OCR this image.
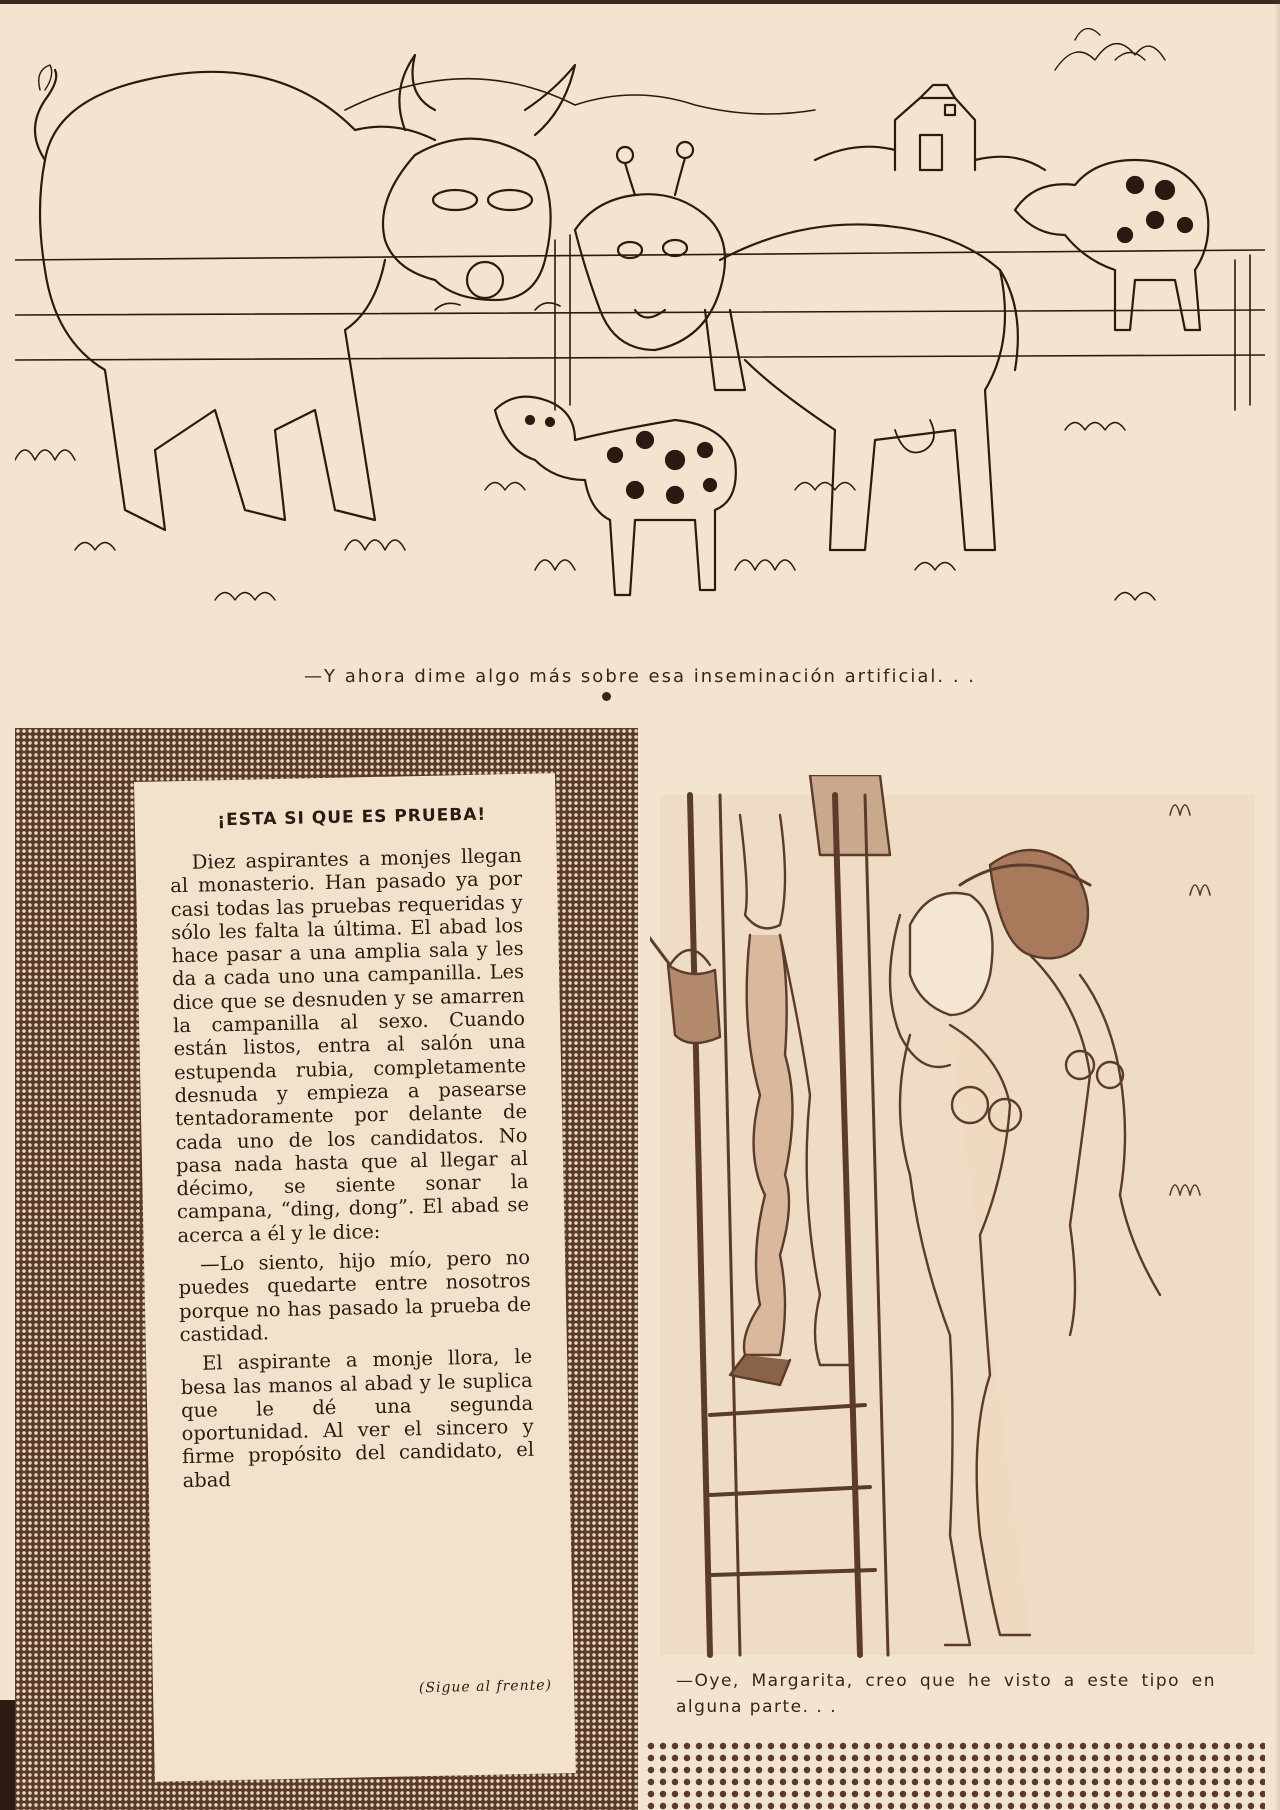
—Y ahora dime algo más sobre esa inseminación artificial. . .
¡ESTA SI QUE ES PRUEBA!

Diez aspirantes a monjes llegan al monasterio. Han pasado ya por casi todas las pruebas requeridas y sólo les falta la última. El abad los hace pasar a una amplia sala y les da a cada uno una campanilla. Les dice que se desnuden y se amarren la campanilla al sexo. Cuando están listos, entra al salón una estupenda rubia, completamente desnuda y empieza a pasearse tentadoramente por delante de cada uno de los candidatos. No pasa nada hasta que al llegar al décimo, se siente sonar la campana, “ding, dong”. El abad se acerca a él y le dice:

—Lo siento, hijo mío, pero no puedes quedarte entre nosotros porque no has pasado la prueba de castidad.

El aspirante a monje llora, le besa las manos al abad y le suplica que le dé una segunda oportunidad. Al ver el sincero y firme propósito del candidato, el abad

(Sigue al frente)	—Oye, Margarita, creo que he visto a este tipo en alguna parte. . .
